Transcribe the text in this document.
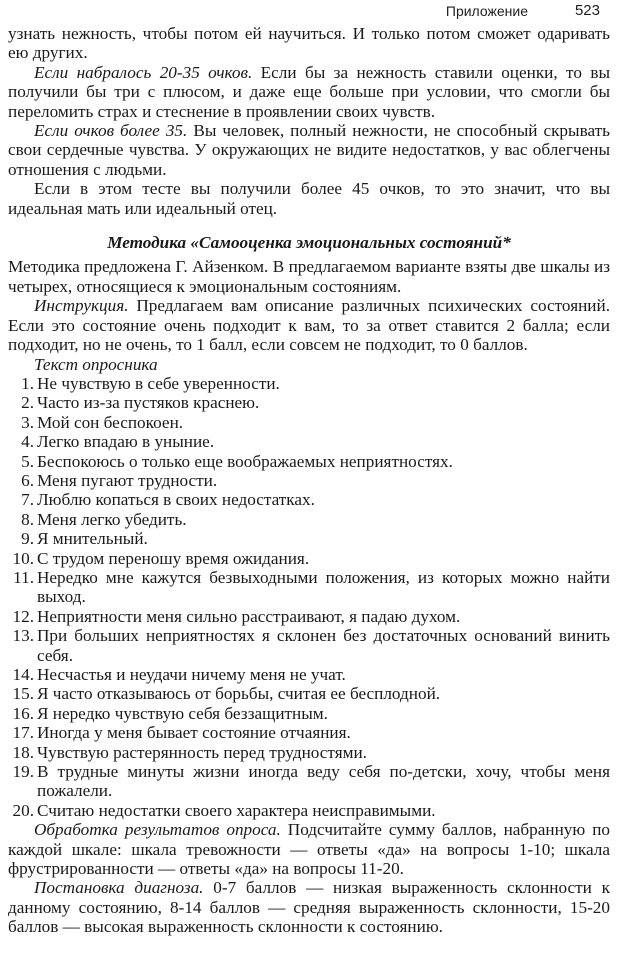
Приложение	523

узнать нежность, чтобы потом ей научиться. И только потом сможет одаривать ею других.

Если набралось 20-35 очков. Если бы за нежность ставили оценки, то вы получили бы три с плюсом, и даже еще больше при условии, что смогли бы переломить страх и стеснение в проявлении своих чувств.

Если очков более 35. Вы человек, полный нежности, не способный скрывать свои сердечные чувства. У окружающих не видите недостатков, у вас облегчены отношения с людьми.

Если в этом тесте вы получили более 45 очков, то это значит, что вы идеальная мать или идеальный отец.

Методика «Самооценка эмоциональных состояний*

Методика предложена Г. Айзенком. В предлагаемом варианте взяты две шкалы из четырех, относящиеся к эмоциональным состояниям.

Инструкция. Предлагаем вам описание различных психических состояний. Если это состояние очень подходит к вам, то за ответ ставится 2 балла; если подходит, но не очень, то 1 балл, если совсем не подходит, то 0 баллов.

Текст опросника

1. Не чувствую в себе уверенности.
2. Часто из-за пустяков краснею.
3. Мой сон беспокоен.
4. Легко впадаю в уныние.
5. Беспокоюсь о только еще воображаемых неприятностях.
6. Меня пугают трудности.
7. Люблю копаться в своих недостатках.
8. Меня легко убедить.
9. Я мнительный.
10. С трудом переношу время ожидания.
11. Нередко мне кажутся безвыходными положения, из которых можно найти выход.
12. Неприятности меня сильно расстраивают, я падаю духом.
13. При больших неприятностях я склонен без достаточных оснований винить себя.
14. Несчастья и неудачи ничему меня не учат.
15. Я часто отказываюсь от борьбы, считая ее бесплодной.
16. Я нередко чувствую себя беззащитным.
17. Иногда у меня бывает состояние отчаяния.
18. Чувствую растерянность перед трудностями.
19. В трудные минуты жизни иногда веду себя по-детски, хочу, чтобы меня пожалели.
20. Считаю недостатки своего характера неисправимыми.

Обработка результатов опроса. Подсчитайте сумму баллов, набранную по каждой шкале: шкала тревожности — ответы «да» на вопросы 1-10; шкала фрустрированности — ответы «да» на вопросы 11-20.

Постановка диагноза. 0-7 баллов — низкая выраженность склонности к данному состоянию, 8-14 баллов — средняя выраженность склонности, 15-20 баллов — высокая выраженность склонности к состоянию.
